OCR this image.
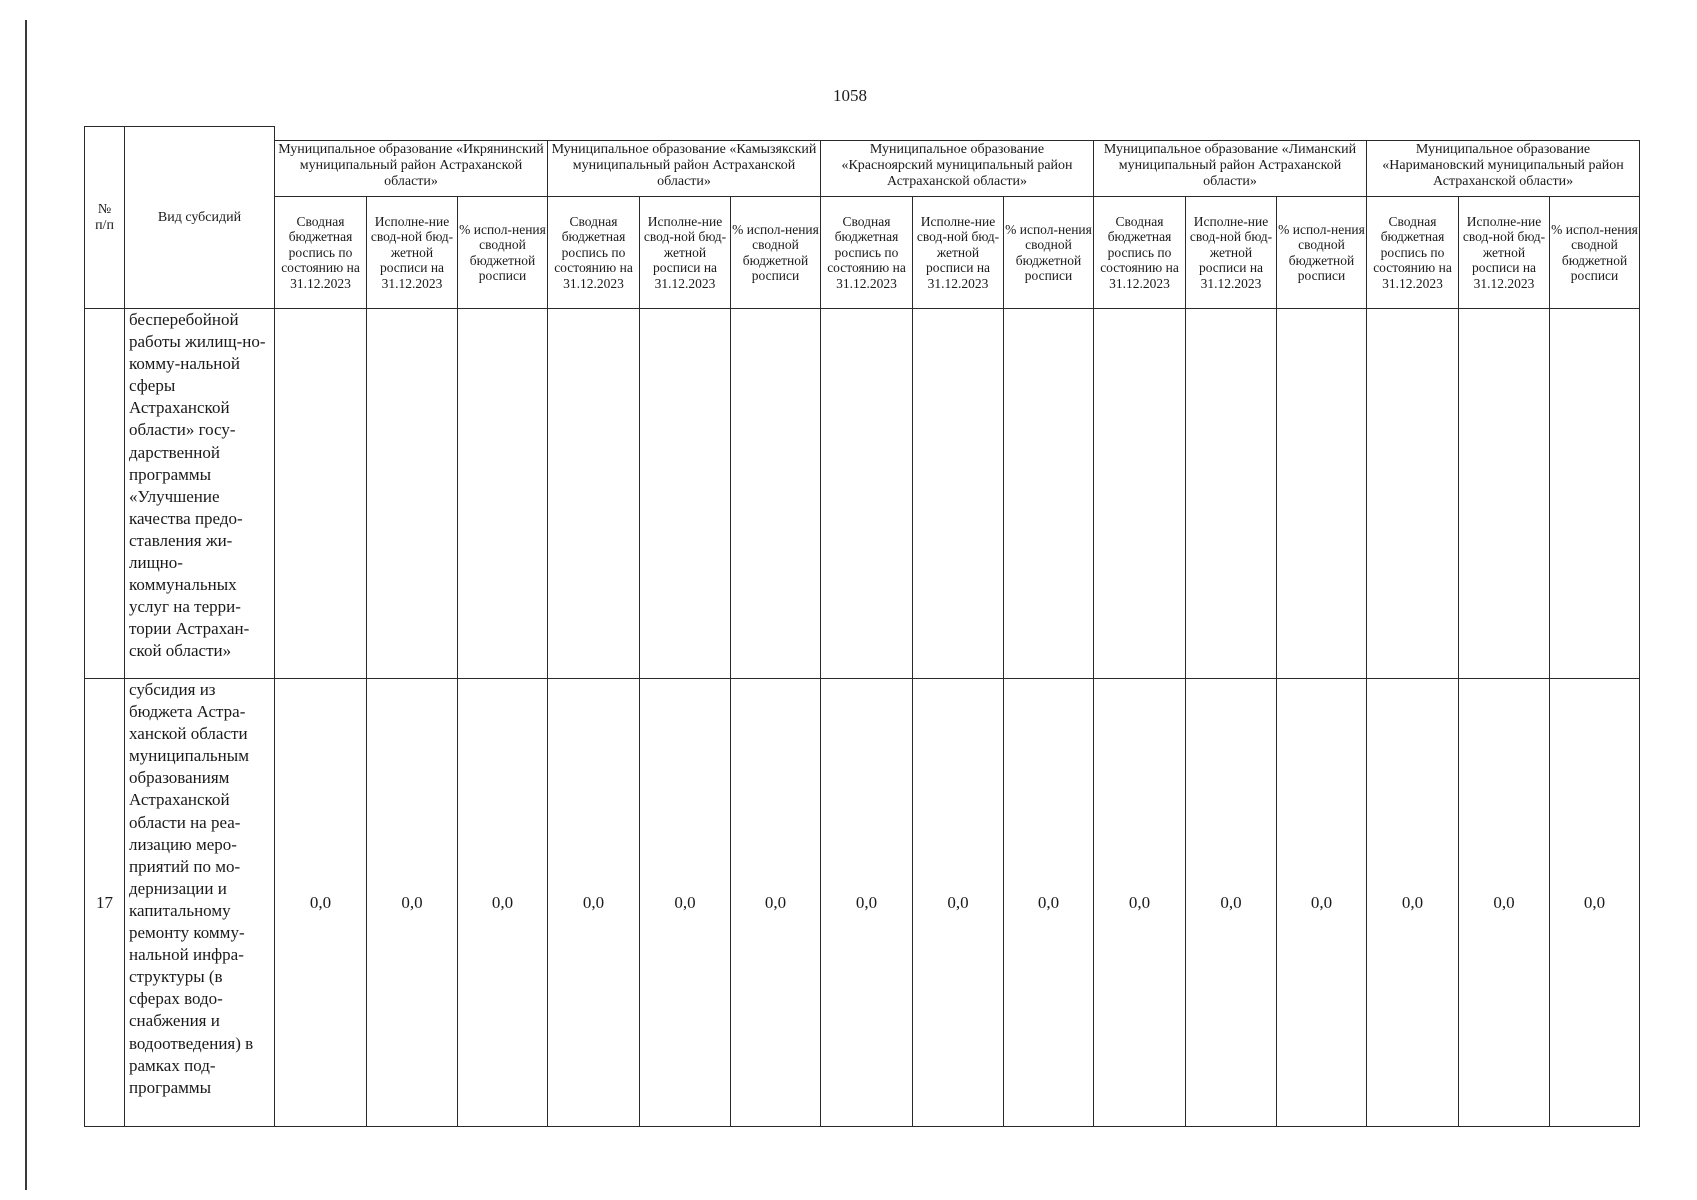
1058
№
п/п	Вид субсидий															
		Муниципальное образование «Икрянинский муниципальный район Астраханской области»			Муниципальное образование «Камызякский муниципальный район Астраханской области»			Муниципальное образование «Красноярский муниципальный район Астраханской области»			Муниципальное образование «Лиманский муниципальный район Астраханской области»			Муниципальное образование «Наримановский муниципальный район Астраханской области»		
		Сводная бюджетная роспись по состоянию на 31.12.2023	Исполне-ние свод-ной бюд-жетной росписи на 31.12.2023	% испол-нения сводной бюджетной росписи	Сводная бюджетная роспись по состоянию на 31.12.2023	Исполне-ние свод-ной бюд-жетной росписи на 31.12.2023	% испол-нения сводной бюджетной росписи	Сводная бюджетная роспись по состоянию на 31.12.2023	Исполне-ние свод-ной бюд-жетной росписи на 31.12.2023	% испол-нения сводной бюджетной росписи	Сводная бюджетная роспись по состоянию на 31.12.2023	Исполне-ние свод-ной бюд-жетной росписи на 31.12.2023	% испол-нения сводной бюджетной росписи	Сводная бюджетная роспись по состоянию на 31.12.2023	Исполне-ние свод-ной бюд-жетной росписи на 31.12.2023	% испол-нения сводной бюджетной росписи
	бесперебойной работы жилищ-но-комму-нальной сферы Астраханской области» госу-дарственной программы «Улучшение качества предо-ставления жи-лищно-коммунальных услуг на терри-тории Астрахан-ской области»															
17	субсидия из бюджета Астра-ханской области муниципальным образованиям Астраханской области на реа-лизацию меро-приятий по мо-дернизации и капитальному ремонту комму-нальной инфра-структуры (в сферах водо-снабжения и водоотведения) в рамках под-программы	0,0	0,0	0,0	0,0	0,0	0,0	0,0	0,0	0,0	0,0	0,0	0,0	0,0	0,0	0,0
